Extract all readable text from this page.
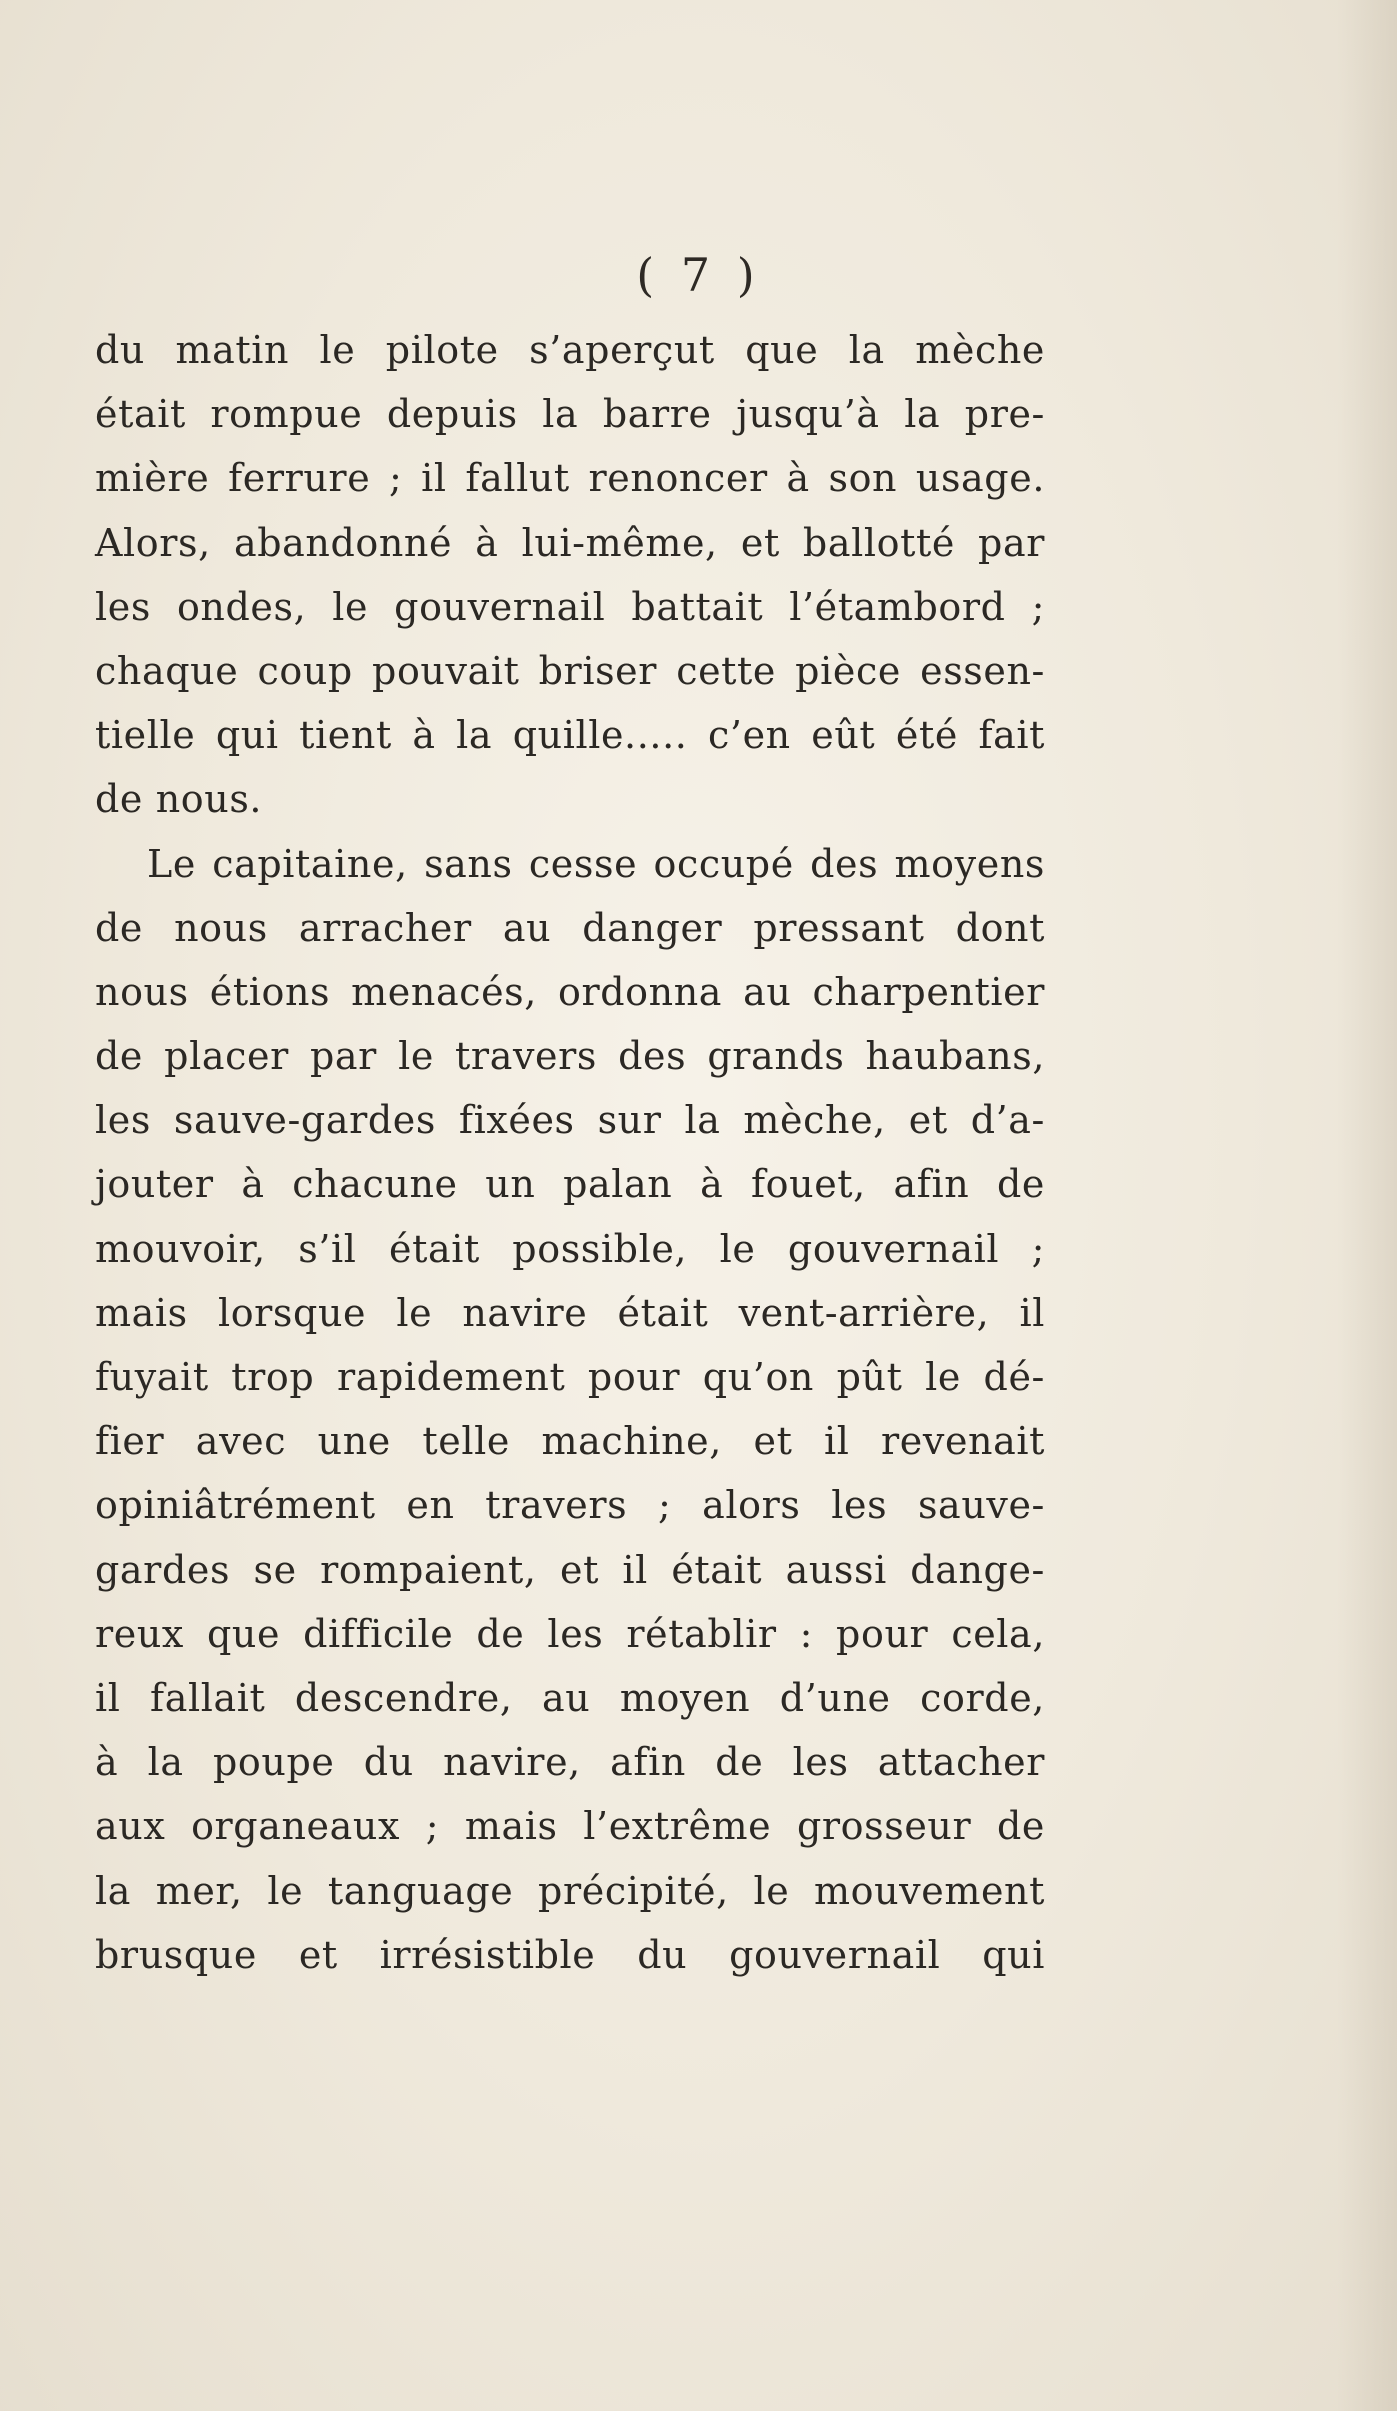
( 7 )
du matin le pilote s’aperçut que la mèche
était rompue depuis la barre jusqu’à la pre-
mière ferrure ; il fallut renoncer à son usage.
Alors, abandonné à lui-même, et ballotté par
les ondes, le gouvernail battait l’étambord ;
chaque coup pouvait briser cette pièce essen-
tielle qui tient à la quille..... c’en eût été fait
de nous.
Le capitaine, sans cesse occupé des moyens
de nous arracher au danger pressant dont
nous étions menacés, ordonna au charpentier
de placer par le travers des grands haubans,
les sauve-gardes fixées sur la mèche, et d’a-
jouter à chacune un palan à fouet, afin de
mouvoir, s’il était possible, le gouvernail ;
mais lorsque le navire était vent-arrière, il
fuyait trop rapidement pour qu’on pût le dé-
fier avec une telle machine, et il revenait
opiniâtrément en travers ; alors les sauve-
gardes se rompaient, et il était aussi dange-
reux que difficile de les rétablir : pour cela,
il fallait descendre, au moyen d’une corde,
à la poupe du navire, afin de les attacher
aux organeaux ; mais l’extrême grosseur de
la mer, le tanguage précipité, le mouvement
brusque et irrésistible du gouvernail qui
